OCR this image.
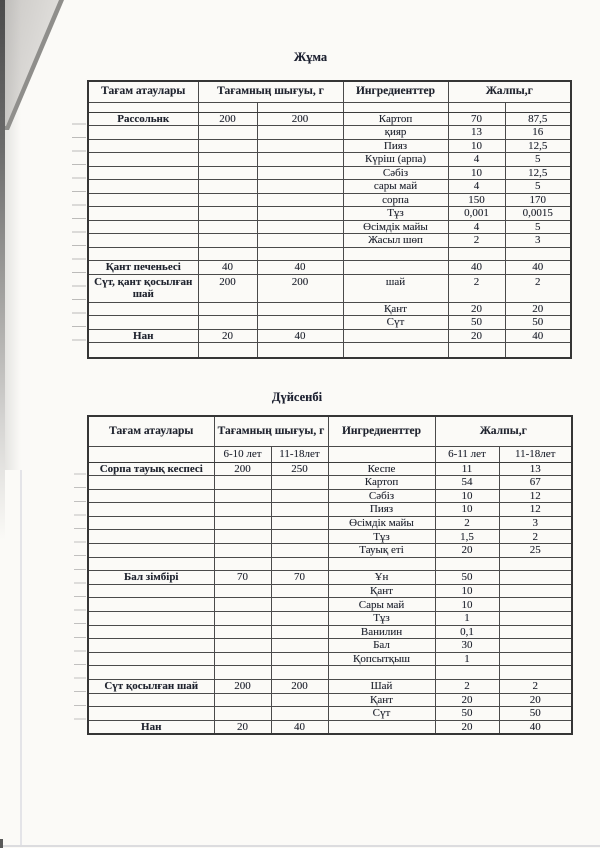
Жұма
Тағам атаулары	Тағамның шығуы, г		Ингредиенттер	Жалпы,г	

Рассольнк	200	200	Картоп	70	87,5
			қияр	13	16
			Пияз	10	12,5
			Күріш (арпа)	4	5
			Сәбіз	10	12,5
			сары май	4	5
			сорпа	150	170
			Тұз	0,001	0,0015
			Өсімдік майы	4	5
			Жасыл шөп	2	3

Қант печеньесі	40	40		40	40
Сүт, қант қосылған шай	200	200	шай	2	2
			Қант	20	20
			Сүт	50	50
Нан	20	40		20	40

Дүйсенбі
Тағам атаулары	Тағамның шығуы, г		Ингредиенттер	Жалпы,г	
	6-10 лет	11-18лет		6-11 лет	11-18лет
Сорпа тауық кеспесі	200	250	Кеспе	11	13
			Картоп	54	67
			Сәбіз	10	12
			Пияз	10	12
			Өсімдік майы	2	3
			Тұз	1,5	2
			Тауық еті	20	25

Бал зімбірі	70	70	Ұн	50	
			Қант	10	
			Сары май	10	
			Тұз	1	
			Ванилин	0,1	
			Бал	30	
			Қопсытқыш	1	

Сүт қосылған шай	200	200	Шай	2	2
			Қант	20	20
			Сүт	50	50
Нан	20	40		20	40
